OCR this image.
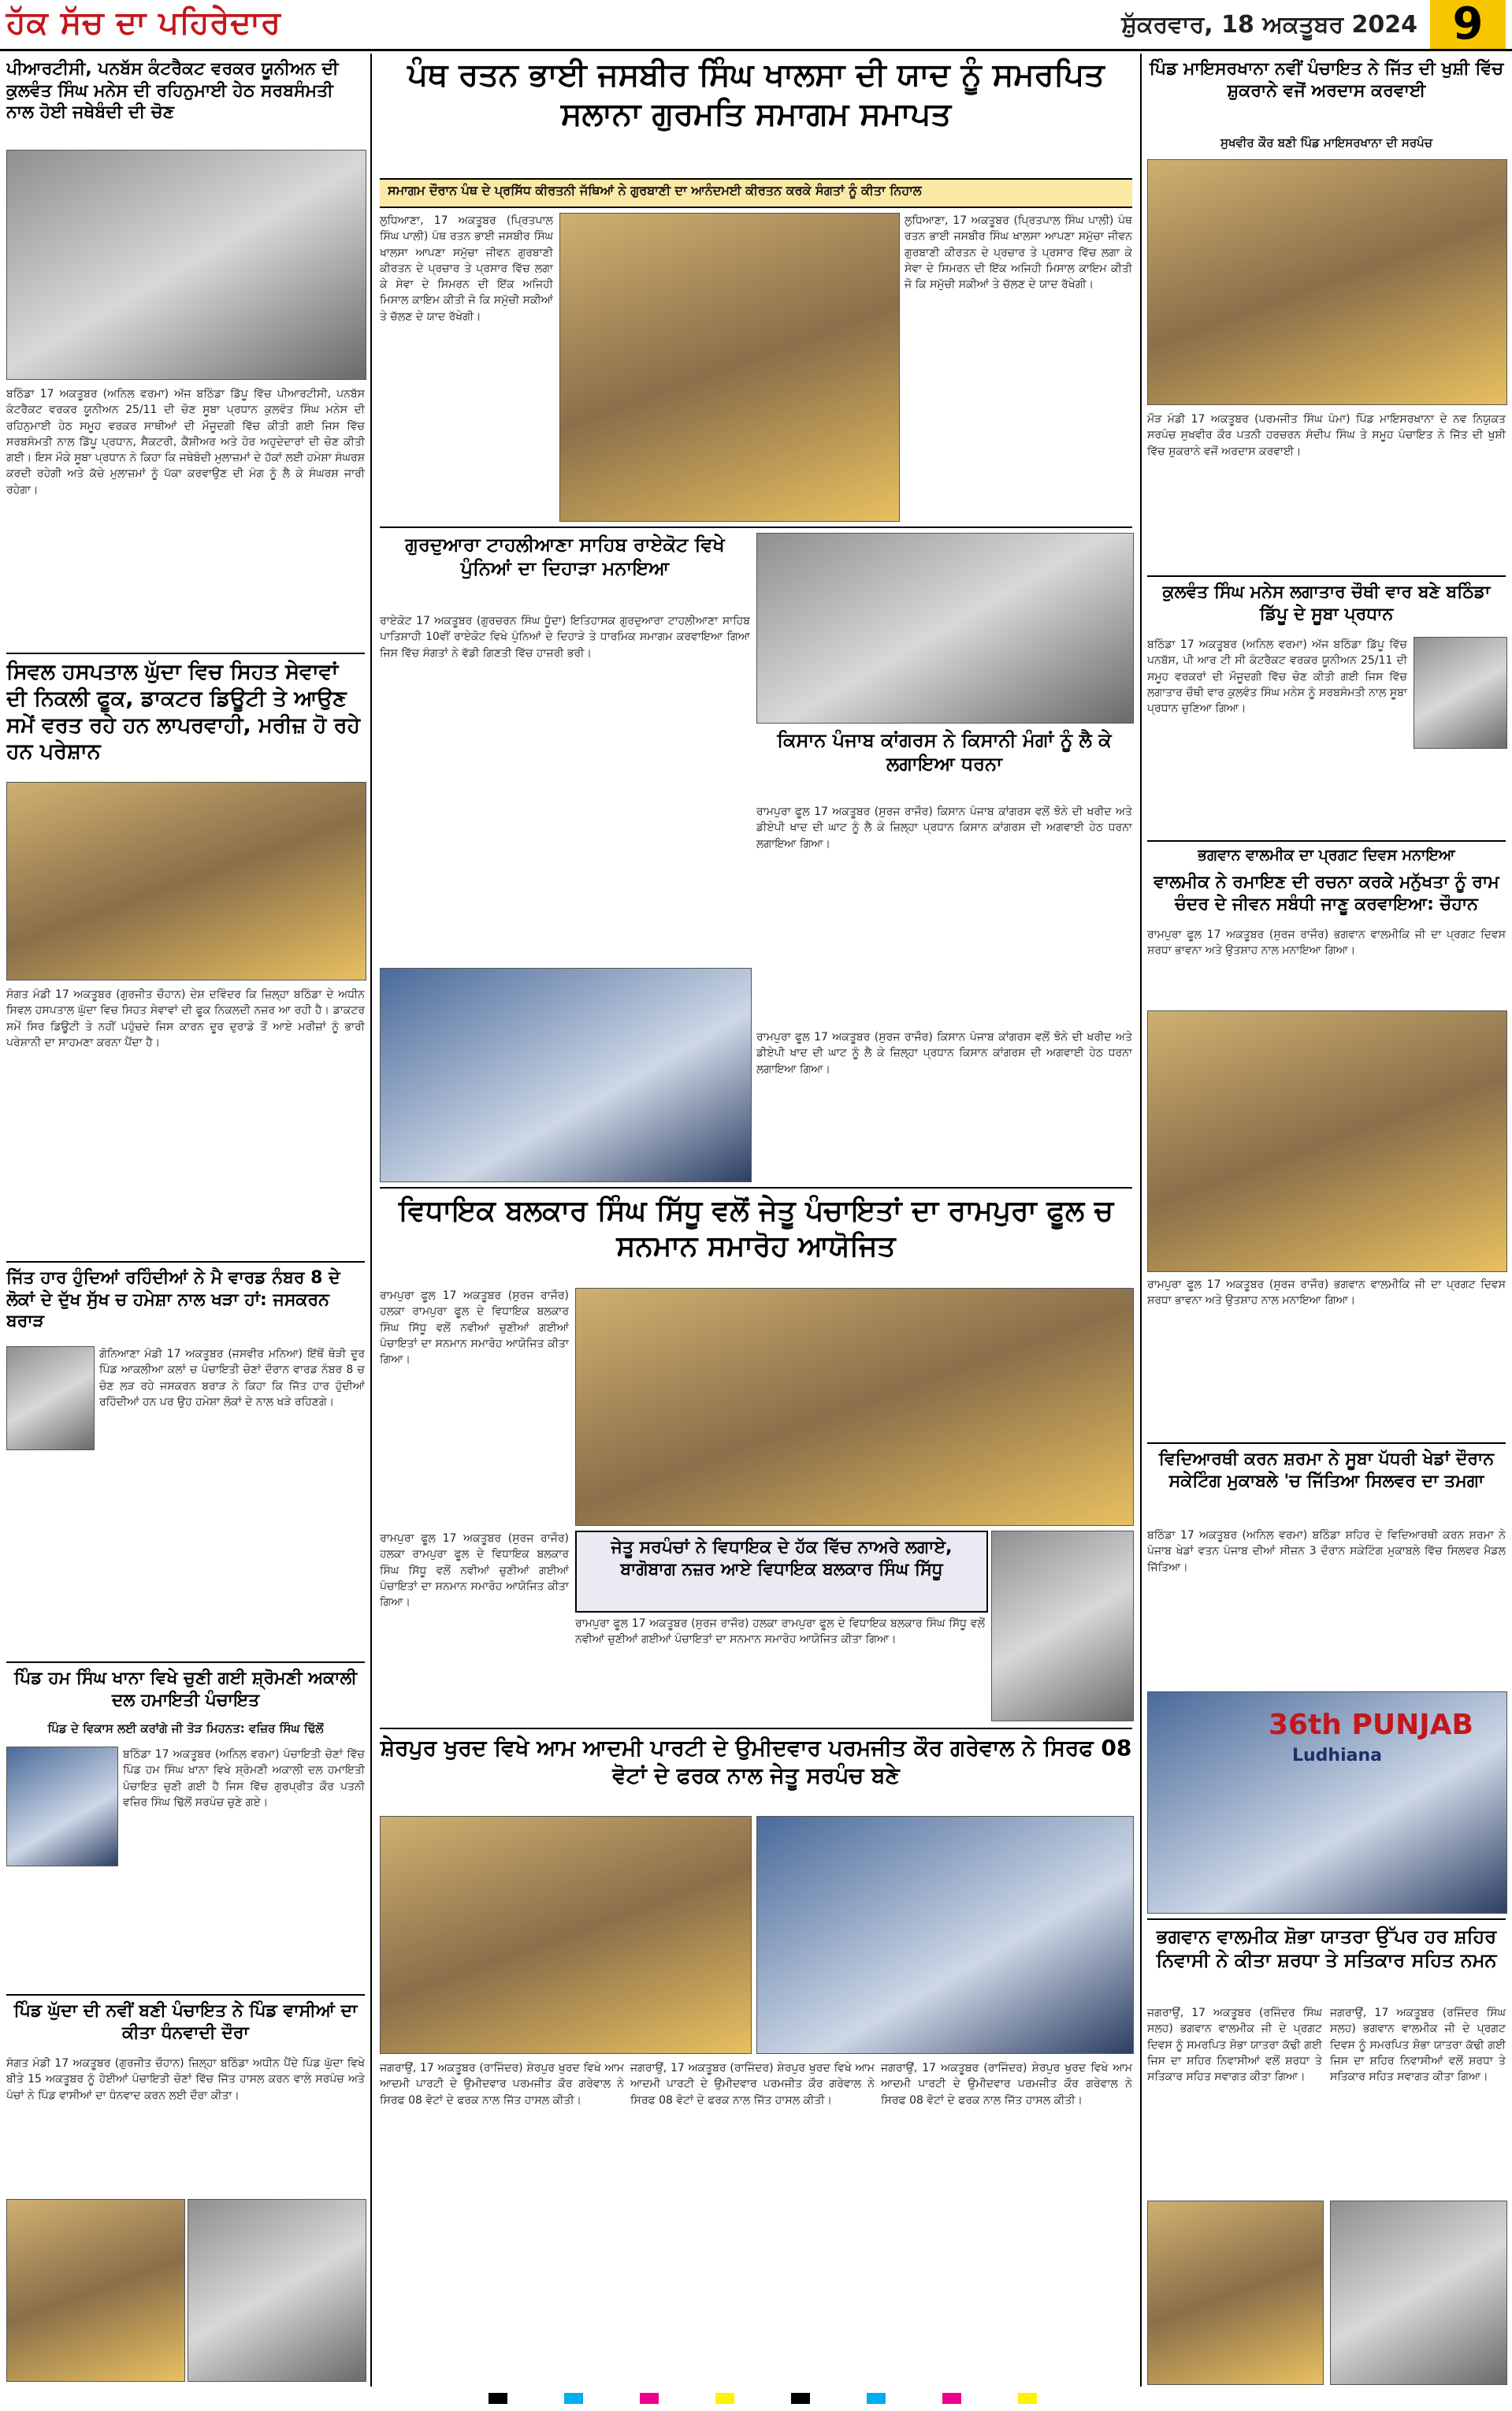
ਹੱਕ ਸੱਚ ਦਾ ਪਹਿਰੇਦਾਰ	ਸ਼ੁੱਕਰਵਾਰ, 18 ਅਕਤੂਬਰ 2024 9
ਪੀਆਰਟੀਸੀ, ਪਨਬੱਸ ਕੰਟਰੈਕਟ ਵਰਕਰ ਯੂਨੀਅਨ ਦੀ ਕੁਲਵੰਤ ਸਿੰਘ ਮਨੇਸ ਦੀ ਰਹਿਨੁਮਾਈ ਹੇਠ ਸਰਬਸੰਮਤੀ ਨਾਲ ਹੋਈ ਜਥੇਬੰਦੀ ਦੀ ਚੋਣ
ਬਠਿੰਡਾ 17 ਅਕਤੂਬਰ (ਅਨਿਲ ਵਰਮਾ) ਅੱਜ ਬਠਿੰਡਾ ਡਿੱਪੂ ਵਿੱਚ ਪੀਆਰਟੀਸੀ, ਪਨਬੱਸ ਕੰਟਰੈਕਟ ਵਰਕਰ ਯੂਨੀਅਨ 25/11 ਦੀ ਚੋਣ ਸੂਬਾ ਪ੍ਰਧਾਨ ਕੁਲਵੰਤ ਸਿੰਘ ਮਨੇਸ ਦੀ ਰਹਿਨੁਮਾਈ ਹੇਠ ਸਮੂਹ ਵਰਕਰ ਸਾਥੀਆਂ ਦੀ ਮੌਜੂਦਗੀ ਵਿੱਚ ਕੀਤੀ ਗਈ ਜਿਸ ਵਿੱਚ ਸਰਬਸੰਮਤੀ ਨਾਲ ਡਿੱਪੂ ਪ੍ਰਧਾਨ, ਸੈਕਟਰੀ, ਕੈਸ਼ੀਅਰ ਅਤੇ ਹੋਰ ਅਹੁਦੇਦਾਰਾਂ ਦੀ ਚੋਣ ਕੀਤੀ ਗਈ। ਇਸ ਮੌਕੇ ਸੂਬਾ ਪ੍ਰਧਾਨ ਨੇ ਕਿਹਾ ਕਿ ਜਥੇਬੰਦੀ ਮੁਲਾਜ਼ਮਾਂ ਦੇ ਹੱਕਾਂ ਲਈ ਹਮੇਸ਼ਾ ਸੰਘਰਸ਼ ਕਰਦੀ ਰਹੇਗੀ ਅਤੇ ਕੱਚੇ ਮੁਲਾਜ਼ਮਾਂ ਨੂੰ ਪੱਕਾ ਕਰਵਾਉਣ ਦੀ ਮੰਗ ਨੂੰ ਲੈ ਕੇ ਸੰਘਰਸ਼ ਜਾਰੀ ਰਹੇਗਾ।
ਸਿਵਲ ਹਸਪਤਾਲ ਘੁੱਦਾ ਵਿਚ ਸਿਹਤ ਸੇਵਾਵਾਂ ਦੀ ਨਿਕਲੀ ਫੂਕ, ਡਾਕਟਰ ਡਿਊਟੀ ਤੇ ਆਉਣ ਸਮੇਂ ਵਰਤ ਰਹੇ ਹਨ ਲਾਪਰਵਾਹੀ, ਮਰੀਜ਼ ਹੋ ਰਹੇ ਹਨ ਪਰੇਸ਼ਾਨ
ਸੰਗਤ ਮੰਡੀ 17 ਅਕਤੂਬਰ (ਗੁਰਜੀਤ ਚੌਹਾਨ) ਦੇਸ਼ ਦਵਿੰਦਰ ਕਿ ਜ਼ਿਲ੍ਹਾ ਬਠਿੰਡਾ ਦੇ ਅਧੀਨ ਸਿਵਲ ਹਸਪਤਾਲ ਘੁੱਦਾ ਵਿਚ ਸਿਹਤ ਸੇਵਾਵਾਂ ਦੀ ਫੂਕ ਨਿਕਲਦੀ ਨਜ਼ਰ ਆ ਰਹੀ ਹੈ। ਡਾਕਟਰ ਸਮੇਂ ਸਿਰ ਡਿਊਟੀ ਤੇ ਨਹੀਂ ਪਹੁੰਚਦੇ ਜਿਸ ਕਾਰਨ ਦੂਰ ਦੁਰਾਡੇ ਤੋਂ ਆਏ ਮਰੀਜ਼ਾਂ ਨੂੰ ਭਾਰੀ ਪਰੇਸ਼ਾਨੀ ਦਾ ਸਾਹਮਣਾ ਕਰਨਾ ਪੈਂਦਾ ਹੈ।
ਜਿੱਤ ਹਾਰ ਹੁੰਦਿਆਂ ਰਹਿੰਦੀਆਂ ਨੇ ਮੈ ਵਾਰਡ ਨੰਬਰ 8 ਦੇ ਲੋਕਾਂ ਦੇ ਦੁੱਖ ਸੁੱਖ ਚ ਹਮੇਸ਼ਾ ਨਾਲ ਖੜਾ ਹਾਂ: ਜਸਕਰਨ ਬਰਾੜ
ਗੋਨਿਆਣਾ ਮੰਡੀ 17 ਅਕਤੂਬਰ (ਜਸਵੀਰ ਮਨਿਆ) ਇੱਥੋਂ ਥੋੜੀ ਦੂਰ ਪਿੰਡ ਆਕਲੀਆ ਕਲਾਂ ਚ ਪੰਚਾਇਤੀ ਚੋਣਾਂ ਦੌਰਾਨ ਵਾਰਡ ਨੰਬਰ 8 ਚ ਚੋਣ ਲੜ ਰਹੇ ਜਸਕਰਨ ਬਰਾੜ ਨੇ ਕਿਹਾ ਕਿ ਜਿੱਤ ਹਾਰ ਹੁੰਦੀਆਂ ਰਹਿੰਦੀਆਂ ਹਨ ਪਰ ਉਹ ਹਮੇਸ਼ਾ ਲੋਕਾਂ ਦੇ ਨਾਲ ਖੜੇ ਰਹਿਣਗੇ।
ਪਿੰਡ ਹਮ ਸਿੰਘ ਖਾਨਾ ਵਿਖੇ ਚੁਣੀ ਗਈ ਸ਼੍ਰੋਮਣੀ ਅਕਾਲੀ ਦਲ ਹਮਾਇਤੀ ਪੰਚਾਇਤ
ਪਿੰਡ ਦੇ ਵਿਕਾਸ ਲਈ ਕਰਾਂਗੇ ਜੀ ਤੋੜ ਮਿਹਨਤ: ਵਜ਼ਿਰ ਸਿੰਘ ਢਿੱਲੋਂ
ਬਠਿੰਡਾ 17 ਅਕਤੂਬਰ (ਅਨਿਲ ਵਰਮਾ) ਪੰਚਾਇਤੀ ਚੋਣਾਂ ਵਿੱਚ ਪਿੰਡ ਹਮ ਸਿੰਘ ਖਾਨਾ ਵਿਖੇ ਸ਼੍ਰੋਮਣੀ ਅਕਾਲੀ ਦਲ ਹਮਾਇਤੀ ਪੰਚਾਇਤ ਚੁਣੀ ਗਈ ਹੈ ਜਿਸ ਵਿੱਚ ਗੁਰਪ੍ਰੀਤ ਕੌਰ ਪਤਨੀ ਵਜ਼ਿਰ ਸਿੰਘ ਢਿੱਲੋਂ ਸਰਪੰਚ ਚੁਣੇ ਗਏ।
ਪਿੰਡ ਘੁੱਦਾ ਦੀ ਨਵੀਂ ਬਣੀ ਪੰਚਾਇਤ ਨੇ ਪਿੰਡ ਵਾਸੀਆਂ ਦਾ ਕੀਤਾ ਧੰਨਵਾਦੀ ਦੌਰਾ
ਸੰਗਤ ਮੰਡੀ 17 ਅਕਤੂਬਰ (ਗੁਰਜੀਤ ਚੌਹਾਨ) ਜ਼ਿਲ੍ਹਾ ਬਠਿੰਡਾ ਅਧੀਨ ਪੈਂਦੇ ਪਿੰਡ ਘੁੱਦਾ ਵਿਖੇ ਬੀਤੇ 15 ਅਕਤੂਬਰ ਨੂੰ ਹੋਈਆਂ ਪੰਚਾਇਤੀ ਚੋਣਾਂ ਵਿੱਚ ਜਿੱਤ ਹਾਸਲ ਕਰਨ ਵਾਲੇ ਸਰਪੰਚ ਅਤੇ ਪੰਚਾਂ ਨੇ ਪਿੰਡ ਵਾਸੀਆਂ ਦਾ ਧੰਨਵਾਦ ਕਰਨ ਲਈ ਦੌਰਾ ਕੀਤਾ।
ਪੰਥ ਰਤਨ ਭਾਈ ਜਸਬੀਰ ਸਿੰਘ ਖਾਲਸਾ ਦੀ ਯਾਦ ਨੂੰ ਸਮਰਪਿਤ ਸਲਾਨਾ ਗੁਰਮਤਿ ਸਮਾਗਮ ਸਮਾਪਤ
ਸਮਾਗਮ ਦੌਰਾਨ ਪੰਥ ਦੇ ਪ੍ਰਸਿੱਧ ਕੀਰਤਨੀ ਜੱਥਿਆਂ ਨੇ ਗੁਰਬਾਣੀ ਦਾ ਆਨੰਦਮਈ ਕੀਰਤਨ ਕਰਕੇ ਸੰਗਤਾਂ ਨੂੰ ਕੀਤਾ ਨਿਹਾਲ
ਲੁਧਿਆਣਾ, 17 ਅਕਤੂਬਰ (ਪ੍ਰਿਤਪਾਲ ਸਿੰਘ ਪਾਲੀ) ਪੰਥ ਰਤਨ ਭਾਈ ਜਸਬੀਰ ਸਿੰਘ ਖਾਲਸਾ ਆਪਣਾ ਸਮੁੱਚਾ ਜੀਵਨ ਗੁਰਬਾਣੀ ਕੀਰਤਨ ਦੇ ਪ੍ਰਚਾਰ ਤੇ ਪ੍ਰਸਾਰ ਵਿੱਚ ਲਗਾ ਕੇ ਸੇਵਾ ਦੇ ਸਿਮਰਨ ਦੀ ਇੱਕ ਅਜਿਹੀ ਮਿਸਾਲ ਕਾਇਮ ਕੀਤੀ ਜੋ ਕਿ ਸਮੁੱਚੀ ਸਕੀਆਂ ਤੇ ਚੱਲਣ ਦੇ ਯਾਦ ਰੱਖੇਗੀ।
ਲੁਧਿਆਣਾ, 17 ਅਕਤੂਬਰ (ਪ੍ਰਿਤਪਾਲ ਸਿੰਘ ਪਾਲੀ) ਪੰਥ ਰਤਨ ਭਾਈ ਜਸਬੀਰ ਸਿੰਘ ਖਾਲਸਾ ਆਪਣਾ ਸਮੁੱਚਾ ਜੀਵਨ ਗੁਰਬਾਣੀ ਕੀਰਤਨ ਦੇ ਪ੍ਰਚਾਰ ਤੇ ਪ੍ਰਸਾਰ ਵਿੱਚ ਲਗਾ ਕੇ ਸੇਵਾ ਦੇ ਸਿਮਰਨ ਦੀ ਇੱਕ ਅਜਿਹੀ ਮਿਸਾਲ ਕਾਇਮ ਕੀਤੀ ਜੋ ਕਿ ਸਮੁੱਚੀ ਸਕੀਆਂ ਤੇ ਚੱਲਣ ਦੇ ਯਾਦ ਰੱਖੇਗੀ।
ਗੁਰਦੁਆਰਾ ਟਾਹਲੀਆਣਾ ਸਾਹਿਬ ਰਾਏਕੋਟ ਵਿਖੇ ਪੁੰਨਿਆਂ ਦਾ ਦਿਹਾੜਾ ਮਨਾਇਆ
ਰਾਏਕੋਟ 17 ਅਕਤੂਬਰ (ਗੁਰਚਰਨ ਸਿੰਘ ਧੂੰਦਾ) ਇਤਿਹਾਸਕ ਗੁਰਦੁਆਰਾ ਟਾਹਲੀਆਣਾ ਸਾਹਿਬ ਪਾਤਿਸ਼ਾਹੀ 10ਵੀਂ ਰਾਏਕੋਟ ਵਿਖੇ ਪੁੰਨਿਆਂ ਦੇ ਦਿਹਾੜੇ ਤੇ ਧਾਰਮਿਕ ਸਮਾਗਮ ਕਰਵਾਇਆ ਗਿਆ ਜਿਸ ਵਿੱਚ ਸੰਗਤਾਂ ਨੇ ਵੱਡੀ ਗਿਣਤੀ ਵਿੱਚ ਹਾਜ਼ਰੀ ਭਰੀ।
ਕਿਸਾਨ ਪੰਜਾਬ ਕਾਂਗਰਸ ਨੇ ਕਿਸਾਨੀ ਮੰਗਾਂ ਨੂੰ ਲੈ ਕੇ ਲਗਾਇਆ ਧਰਨਾ
ਰਾਮਪੁਰਾ ਫੂਲ 17 ਅਕਤੂਬਰ (ਸੁਰਜ ਰਾਜੌਰ) ਕਿਸਾਨ ਪੰਜਾਬ ਕਾਂਗਰਸ ਵਲੋਂ ਝੋਨੇ ਦੀ ਖਰੀਦ ਅਤੇ ਡੀਏਪੀ ਖਾਦ ਦੀ ਘਾਟ ਨੂੰ ਲੈ ਕੇ ਜ਼ਿਲ੍ਹਾ ਪ੍ਰਧਾਨ ਕਿਸਾਨ ਕਾਂਗਰਸ ਦੀ ਅਗਵਾਈ ਹੇਠ ਧਰਨਾ ਲਗਾਇਆ ਗਿਆ।
ਰਾਮਪੁਰਾ ਫੂਲ 17 ਅਕਤੂਬਰ (ਸੁਰਜ ਰਾਜੌਰ) ਕਿਸਾਨ ਪੰਜਾਬ ਕਾਂਗਰਸ ਵਲੋਂ ਝੋਨੇ ਦੀ ਖਰੀਦ ਅਤੇ ਡੀਏਪੀ ਖਾਦ ਦੀ ਘਾਟ ਨੂੰ ਲੈ ਕੇ ਜ਼ਿਲ੍ਹਾ ਪ੍ਰਧਾਨ ਕਿਸਾਨ ਕਾਂਗਰਸ ਦੀ ਅਗਵਾਈ ਹੇਠ ਧਰਨਾ ਲਗਾਇਆ ਗਿਆ।
ਵਿਧਾਇਕ ਬਲਕਾਰ ਸਿੰਘ ਸਿੱਧੂ ਵਲੋਂ ਜੇਤੂ ਪੰਚਾਇਤਾਂ ਦਾ ਰਾਮਪੁਰਾ ਫੂਲ ਚ ਸਨਮਾਨ ਸਮਾਰੋਹ ਆਯੋਜਿਤ
ਰਾਮਪੁਰਾ ਫੂਲ 17 ਅਕਤੂਬਰ (ਸੁਰਜ ਰਾਜੌਰ) ਹਲਕਾ ਰਾਮਪੁਰਾ ਫੂਲ ਦੇ ਵਿਧਾਇਕ ਬਲਕਾਰ ਸਿੰਘ ਸਿੱਧੂ ਵਲੋਂ ਨਵੀਆਂ ਚੁਣੀਆਂ ਗਈਆਂ ਪੰਚਾਇਤਾਂ ਦਾ ਸਨਮਾਨ ਸਮਾਰੋਹ ਆਯੋਜਿਤ ਕੀਤਾ ਗਿਆ।
ਰਾਮਪੁਰਾ ਫੂਲ 17 ਅਕਤੂਬਰ (ਸੁਰਜ ਰਾਜੌਰ) ਹਲਕਾ ਰਾਮਪੁਰਾ ਫੂਲ ਦੇ ਵਿਧਾਇਕ ਬਲਕਾਰ ਸਿੰਘ ਸਿੱਧੂ ਵਲੋਂ ਨਵੀਆਂ ਚੁਣੀਆਂ ਗਈਆਂ ਪੰਚਾਇਤਾਂ ਦਾ ਸਨਮਾਨ ਸਮਾਰੋਹ ਆਯੋਜਿਤ ਕੀਤਾ ਗਿਆ।
ਜੇਤੂ ਸਰਪੰਚਾਂ ਨੇ ਵਿਧਾਇਕ ਦੇ ਹੱਕ ਵਿੱਚ ਨਾਅਰੇ ਲਗਾਏ, ਬਾਗੋਬਾਗ ਨਜ਼ਰ ਆਏ ਵਿਧਾਇਕ ਬਲਕਾਰ ਸਿੰਘ ਸਿੱਧੂ
ਰਾਮਪੁਰਾ ਫੂਲ 17 ਅਕਤੂਬਰ (ਸੁਰਜ ਰਾਜੌਰ) ਹਲਕਾ ਰਾਮਪੁਰਾ ਫੂਲ ਦੇ ਵਿਧਾਇਕ ਬਲਕਾਰ ਸਿੰਘ ਸਿੱਧੂ ਵਲੋਂ ਨਵੀਆਂ ਚੁਣੀਆਂ ਗਈਆਂ ਪੰਚਾਇਤਾਂ ਦਾ ਸਨਮਾਨ ਸਮਾਰੋਹ ਆਯੋਜਿਤ ਕੀਤਾ ਗਿਆ।
ਸ਼ੇਰਪੁਰ ਖੁਰਦ ਵਿਖੇ ਆਮ ਆਦਮੀ ਪਾਰਟੀ ਦੇ ਉਮੀਦਵਾਰ ਪਰਮਜੀਤ ਕੌਰ ਗਰੇਵਾਲ ਨੇ ਸਿਰਫ 08 ਵੋਟਾਂ ਦੇ ਫਰਕ ਨਾਲ ਜੇਤੂ ਸਰਪੰਚ ਬਣੇ
ਜਗਰਾਉਂ, 17 ਅਕਤੂਬਰ (ਰਾਜਿੰਦਰ) ਸ਼ੇਰਪੁਰ ਖੁਰਦ ਵਿਖੇ ਆਮ ਆਦਮੀ ਪਾਰਟੀ ਦੇ ਉਮੀਦਵਾਰ ਪਰਮਜੀਤ ਕੌਰ ਗਰੇਵਾਲ ਨੇ ਸਿਰਫ 08 ਵੋਟਾਂ ਦੇ ਫਰਕ ਨਾਲ ਜਿੱਤ ਹਾਸਲ ਕੀਤੀ।
ਜਗਰਾਉਂ, 17 ਅਕਤੂਬਰ (ਰਾਜਿੰਦਰ) ਸ਼ੇਰਪੁਰ ਖੁਰਦ ਵਿਖੇ ਆਮ ਆਦਮੀ ਪਾਰਟੀ ਦੇ ਉਮੀਦਵਾਰ ਪਰਮਜੀਤ ਕੌਰ ਗਰੇਵਾਲ ਨੇ ਸਿਰਫ 08 ਵੋਟਾਂ ਦੇ ਫਰਕ ਨਾਲ ਜਿੱਤ ਹਾਸਲ ਕੀਤੀ।
ਜਗਰਾਉਂ, 17 ਅਕਤੂਬਰ (ਰਾਜਿੰਦਰ) ਸ਼ੇਰਪੁਰ ਖੁਰਦ ਵਿਖੇ ਆਮ ਆਦਮੀ ਪਾਰਟੀ ਦੇ ਉਮੀਦਵਾਰ ਪਰਮਜੀਤ ਕੌਰ ਗਰੇਵਾਲ ਨੇ ਸਿਰਫ 08 ਵੋਟਾਂ ਦੇ ਫਰਕ ਨਾਲ ਜਿੱਤ ਹਾਸਲ ਕੀਤੀ।
ਪਿੰਡ ਮਾਇਸਰਖਾਨਾ ਨਵੀਂ ਪੰਚਾਇਤ ਨੇ ਜਿੱਤ ਦੀ ਖੁਸ਼ੀ ਵਿੱਚ ਸ਼ੁਕਰਾਨੇ ਵਜੋਂ ਅਰਦਾਸ ਕਰਵਾਈ
ਸੁਖਵੀਰ ਕੌਰ ਬਣੀ ਪਿੰਡ ਮਾਇਸਰਖਾਨਾ ਦੀ ਸਰਪੰਚ
ਮੌੜ ਮੰਡੀ 17 ਅਕਤੂਬਰ (ਪਰਮਜੀਤ ਸਿੰਘ ਪੰਮਾ) ਪਿੰਡ ਮਾਇਸਰਖਾਨਾ ਦੇ ਨਵ ਨਿਯੁਕਤ ਸਰਪੰਚ ਸੁਖਵੀਰ ਕੌਰ ਪਤਨੀ ਹਰਚਰਨ ਸੰਦੀਪ ਸਿੰਘ ਤੇ ਸਮੂਹ ਪੰਚਾਇਤ ਨੇ ਜਿੱਤ ਦੀ ਖੁਸ਼ੀ ਵਿੱਚ ਸ਼ੁਕਰਾਨੇ ਵਜੋਂ ਅਰਦਾਸ ਕਰਵਾਈ।
ਕੁਲਵੰਤ ਸਿੰਘ ਮਨੇਸ ਲਗਾਤਾਰ ਚੌਥੀ ਵਾਰ ਬਣੇ ਬਠਿੰਡਾ ਡਿੱਪੂ ਦੇ ਸੂਬਾ ਪ੍ਰਧਾਨ
ਬਠਿੰਡਾ 17 ਅਕਤੂਬਰ (ਅਨਿਲ ਵਰਮਾ) ਅੱਜ ਬਠਿੰਡਾ ਡਿੱਪੂ ਵਿੱਚ ਪਨਬੱਸ, ਪੀ ਆਰ ਟੀ ਸੀ ਕੰਟਰੈਕਟ ਵਰਕਰ ਯੂਨੀਅਨ 25/11 ਦੀ ਸਮੂਹ ਵਰਕਰਾਂ ਦੀ ਮੌਜੂਦਗੀ ਵਿੱਚ ਚੋਣ ਕੀਤੀ ਗਈ ਜਿਸ ਵਿੱਚ ਲਗਾਤਾਰ ਚੌਥੀ ਵਾਰ ਕੁਲਵੰਤ ਸਿੰਘ ਮਨੇਸ ਨੂੰ ਸਰਬਸੰਮਤੀ ਨਾਲ ਸੂਬਾ ਪ੍ਰਧਾਨ ਚੁਣਿਆ ਗਿਆ।
ਭਗਵਾਨ ਵਾਲਮੀਕ ਦਾ ਪ੍ਰਗਟ ਦਿਵਸ ਮਨਾਇਆ
ਵਾਲਮੀਕ ਨੇ ਰਮਾਇਣ ਦੀ ਰਚਨਾ ਕਰਕੇ ਮਨੁੱਖਤਾ ਨੂੰ ਰਾਮ ਚੰਦਰ ਦੇ ਜੀਵਨ ਸਬੰਧੀ ਜਾਣੂ ਕਰਵਾਇਆ: ਚੌਹਾਨ
ਰਾਮਪੁਰਾ ਫੂਲ 17 ਅਕਤੂਬਰ (ਸੁਰਜ ਰਾਜੌਰ) ਭਗਵਾਨ ਵਾਲਮੀਕਿ ਜੀ ਦਾ ਪ੍ਰਗਟ ਦਿਵਸ ਸ਼ਰਧਾ ਭਾਵਨਾ ਅਤੇ ਉਤਸ਼ਾਹ ਨਾਲ ਮਨਾਇਆ ਗਿਆ।
ਰਾਮਪੁਰਾ ਫੂਲ 17 ਅਕਤੂਬਰ (ਸੁਰਜ ਰਾਜੌਰ) ਭਗਵਾਨ ਵਾਲਮੀਕਿ ਜੀ ਦਾ ਪ੍ਰਗਟ ਦਿਵਸ ਸ਼ਰਧਾ ਭਾਵਨਾ ਅਤੇ ਉਤਸ਼ਾਹ ਨਾਲ ਮਨਾਇਆ ਗਿਆ।
ਵਿਦਿਆਰਥੀ ਕਰਨ ਸ਼ਰਮਾ ਨੇ ਸੂਬਾ ਪੱਧਰੀ ਖੇਡਾਂ ਦੌਰਾਨ ਸਕੇਟਿੰਗ ਮੁਕਾਬਲੇ 'ਚ ਜਿੱਤਿਆ ਸਿਲਵਰ ਦਾ ਤਮਗਾ
ਬਠਿੰਡਾ 17 ਅਕਤੂਬਰ (ਅਨਿਲ ਵਰਮਾ) ਬਠਿੰਡਾ ਸ਼ਹਿਰ ਦੇ ਵਿਦਿਆਰਥੀ ਕਰਨ ਸ਼ਰਮਾ ਨੇ ਪੰਜਾਬ ਖੇਡਾਂ ਵਤਨ ਪੰਜਾਬ ਦੀਆਂ ਸੀਜ਼ਨ 3 ਦੌਰਾਨ ਸਕੇਟਿੰਗ ਮੁਕਾਬਲੇ ਵਿੱਚ ਸਿਲਵਰ ਮੈਡਲ ਜਿੱਤਿਆ।
36th PUNJAB
Ludhiana
ਭਗਵਾਨ ਵਾਲਮੀਕ ਸ਼ੋਭਾ ਯਾਤਰਾ ਉੱਪਰ ਹਰ ਸ਼ਹਿਰ ਨਿਵਾਸੀ ਨੇ ਕੀਤਾ ਸ਼ਰਧਾ ਤੇ ਸਤਿਕਾਰ ਸਹਿਤ ਨਮਨ
ਜਗਰਾਉਂ, 17 ਅਕਤੂਬਰ (ਰਜਿੰਦਰ ਸਿੰਘ ਸਲਹ) ਭਗਵਾਨ ਵਾਲਮੀਕ ਜੀ ਦੇ ਪ੍ਰਗਟ ਦਿਵਸ ਨੂੰ ਸਮਰਪਿਤ ਸ਼ੋਭਾ ਯਾਤਰਾ ਕੱਢੀ ਗਈ ਜਿਸ ਦਾ ਸ਼ਹਿਰ ਨਿਵਾਸੀਆਂ ਵਲੋਂ ਸ਼ਰਧਾ ਤੇ ਸਤਿਕਾਰ ਸਹਿਤ ਸਵਾਗਤ ਕੀਤਾ ਗਿਆ।
ਜਗਰਾਉਂ, 17 ਅਕਤੂਬਰ (ਰਜਿੰਦਰ ਸਿੰਘ ਸਲਹ) ਭਗਵਾਨ ਵਾਲਮੀਕ ਜੀ ਦੇ ਪ੍ਰਗਟ ਦਿਵਸ ਨੂੰ ਸਮਰਪਿਤ ਸ਼ੋਭਾ ਯਾਤਰਾ ਕੱਢੀ ਗਈ ਜਿਸ ਦਾ ਸ਼ਹਿਰ ਨਿਵਾਸੀਆਂ ਵਲੋਂ ਸ਼ਰਧਾ ਤੇ ਸਤਿਕਾਰ ਸਹਿਤ ਸਵਾਗਤ ਕੀਤਾ ਗਿਆ।
